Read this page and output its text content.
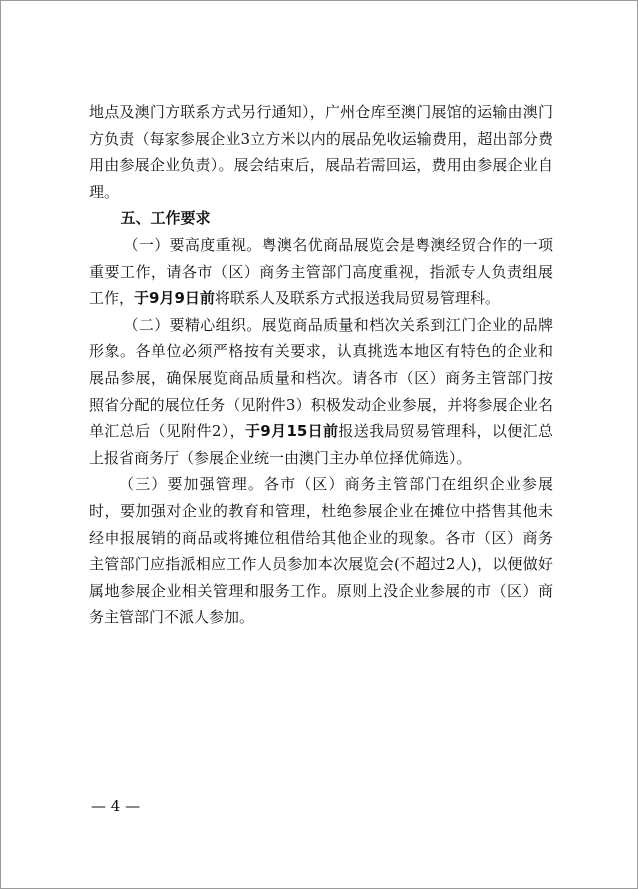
地点及澳门方联系方式另行通知），广州仓库至澳门展馆的运输由澳门方负责（每家参展企业3立方米以内的展品免收运输费用，超出部分费用由参展企业负责）。展会结束后，展品若需回运，费用由参展企业自理。

五、工作要求

（一）要高度重视。粤澳名优商品展览会是粤澳经贸合作的一项重要工作，请各市（区）商务主管部门高度重视，指派专人负责组展工作，于9月9日前将联系人及联系方式报送我局贸易管理科。

（二）要精心组织。展览商品质量和档次关系到江门企业的品牌形象。各单位必须严格按有关要求，认真挑选本地区有特色的企业和展品参展，确保展览商品质量和档次。请各市（区）商务主管部门按照省分配的展位任务（见附件3）积极发动企业参展，并将参展企业名单汇总后（见附件2），于9月15日前报送我局贸易管理科，以便汇总上报省商务厅（参展企业统一由澳门主办单位择优筛选）。

（三）要加强管理。各市（区）商务主管部门在组织企业参展时，要加强对企业的教育和管理，杜绝参展企业在摊位中搭售其他未经申报展销的商品或将摊位租借给其他企业的现象。各市（区）商务主管部门应指派相应工作人员参加本次展览会(不超过2人)，以便做好属地参展企业相关管理和服务工作。原则上没企业参展的市（区）商务主管部门不派人参加。

— 4 —
